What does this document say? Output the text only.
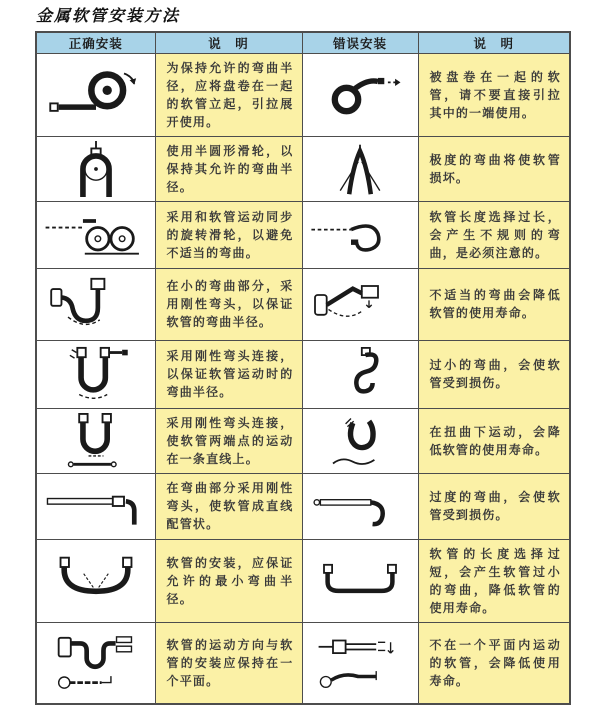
金属软管安装方法
正确安装	说　明	错误安装	说　明

	为保持允许的弯曲半径，应将盘卷在一起的软管立起，引拉展开使用。		被盘卷在一起的软管，请不要直接引拉其中的一端使用。

	使用半圆形滑轮，以保持其允许的弯曲半径。		极度的弯曲将使软管损坏。

	采用和软管运动同步的旋转滑轮，以避免不适当的弯曲。		软管长度选择过长，会产生不规则的弯曲，是必须注意的。

	在小的弯曲部分，采用刚性弯头，以保证软管的弯曲半径。		不适当的弯曲会降低软管的使用寿命。

	采用刚性弯头连接，以保证软管运动时的弯曲半径。		过小的弯曲，会使软管受到损伤。

	采用刚性弯头连接，使软管两端点的运动在一条直线上。		在扭曲下运动，会降低软管的使用寿命。

	在弯曲部分采用刚性弯头，使软管成直线配管状。		过度的弯曲，会使软管受到损伤。

	软管的安装，应保证允许的最小弯曲半径。		软管的长度选择过短，会产生软管过小的弯曲，降低软管的使用寿命。

	软管的运动方向与软管的安装应保持在一个平面。		不在一个平面内运动的软管，会降低使用寿命。
